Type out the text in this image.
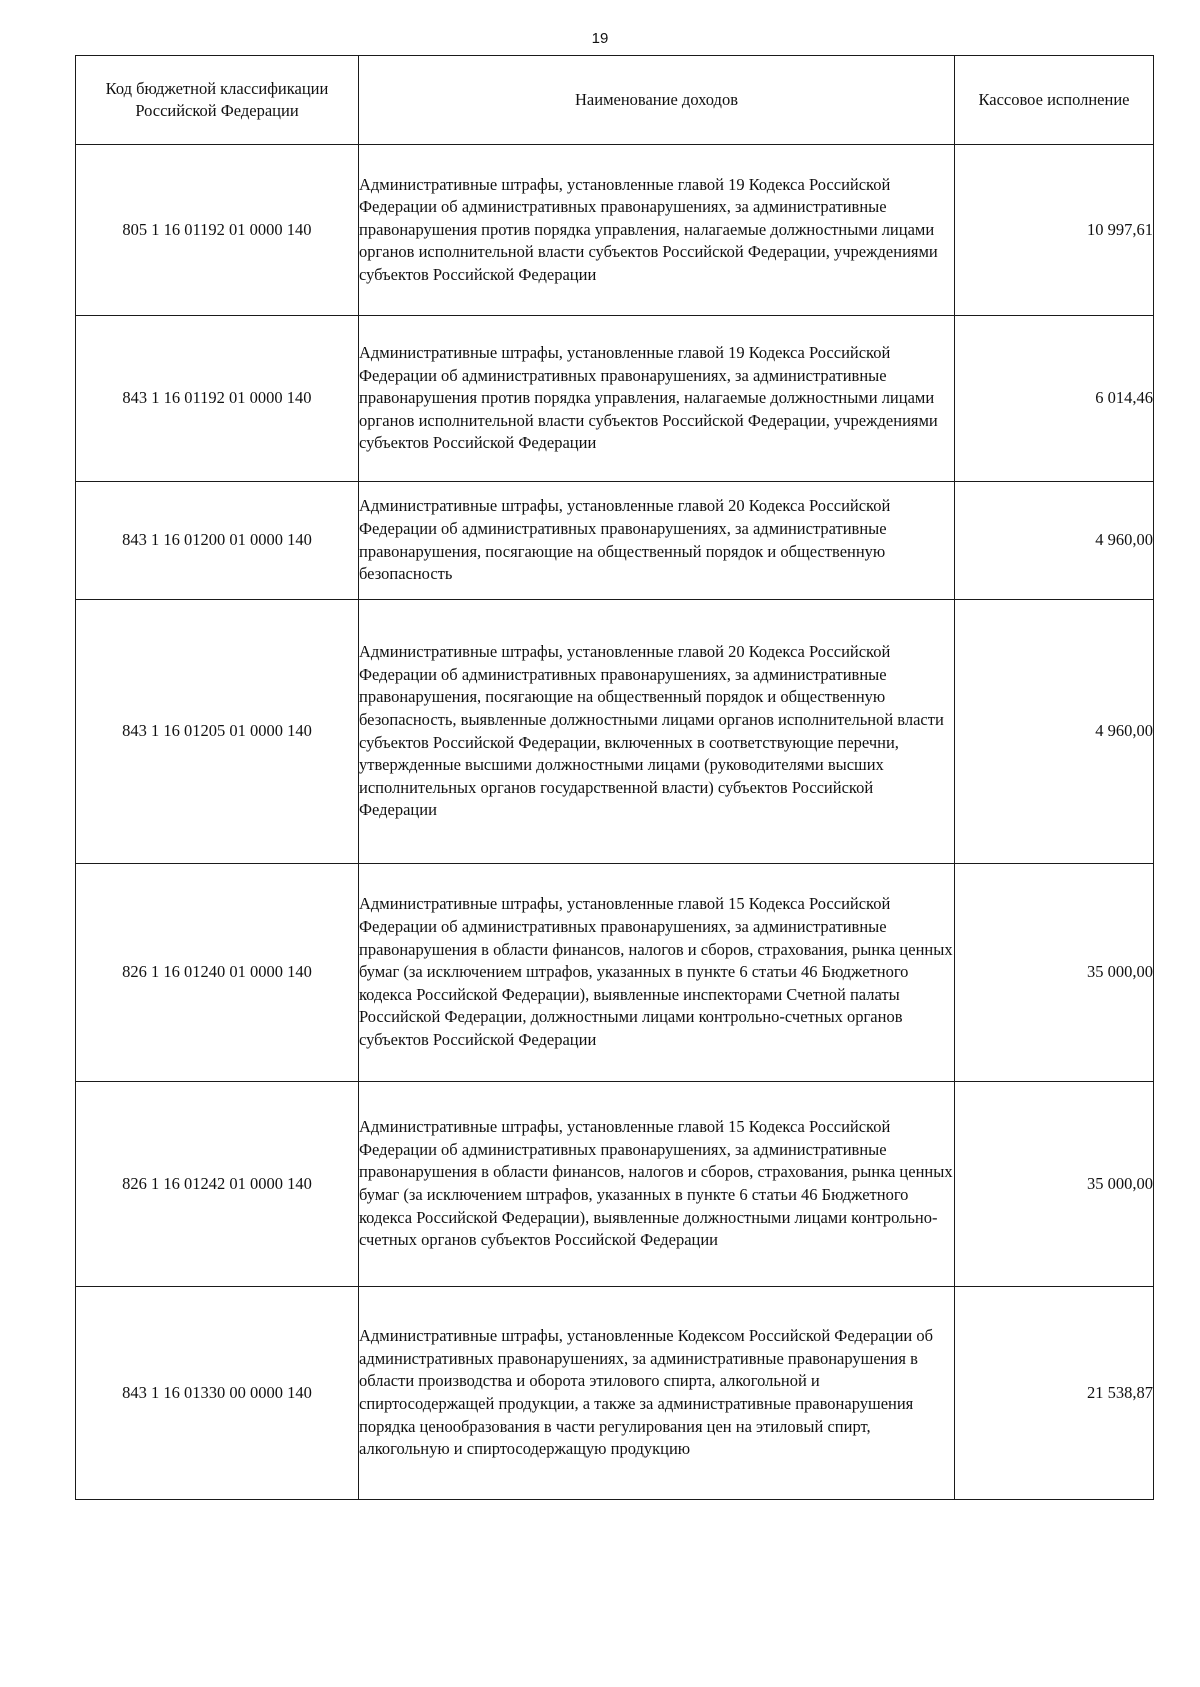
19
Код бюджетной классификации Российской Федерации	Наименование доходов	Кассовое исполнение
805 1 16 01192 01 0000 140	Административные штрафы, установленные главой 19 Кодекса Российской Федерации об административных правонарушениях, за административные правонарушения против порядка управления, налагаемые должностными лицами органов исполнительной власти субъектов Российской Федерации, учреждениями субъектов Российской Федерации	10 997,61
843 1 16 01192 01 0000 140	Административные штрафы, установленные главой 19 Кодекса Российской Федерации об административных правонарушениях, за административные правонарушения против порядка управления, налагаемые должностными лицами органов исполнительной власти субъектов Российской Федерации, учреждениями субъектов Российской Федерации	6 014,46
843 1 16 01200 01 0000 140	Административные штрафы, установленные главой 20 Кодекса Российской Федерации об административных правонарушениях, за административные правонарушения, посягающие на общественный порядок и общественную безопасность	4 960,00
843 1 16 01205 01 0000 140	Административные штрафы, установленные главой 20 Кодекса Российской Федерации об административных правонарушениях, за административные правонарушения, посягающие на общественный порядок и общественную безопасность, выявленные должностными лицами органов исполнительной власти субъектов Российской Федерации, включенных в соответствующие перечни, утвержденные высшими должностными лицами (руководителями высших исполнительных органов государственной власти) субъектов Российской Федерации	4 960,00
826 1 16 01240 01 0000 140	Административные штрафы, установленные главой 15 Кодекса Российской Федерации об административных правонарушениях, за административные правонарушения в области финансов, налогов и сборов, страхования, рынка ценных бумаг (за исключением штрафов, указанных в пункте 6 статьи 46 Бюджетного кодекса Российской Федерации), выявленные инспекторами Счетной палаты Российской Федерации, должностными лицами контрольно-счетных органов субъектов Российской Федерации	35 000,00
826 1 16 01242 01 0000 140	Административные штрафы, установленные главой 15 Кодекса Российской Федерации об административных правонарушениях, за административные правонарушения в области финансов, налогов и сборов, страхования, рынка ценных бумаг (за исключением штрафов, указанных в пункте 6 статьи 46 Бюджетного кодекса Российской Федерации), выявленные должностными лицами контрольно-счетных органов субъектов Российской Федерации	35 000,00
843 1 16 01330 00 0000 140	Административные штрафы, установленные Кодексом Российской Федерации об административных правонарушениях, за административные правонарушения в области производства и оборота этилового спирта, алкогольной и спиртосодержащей продукции, а также за административные правонарушения порядка ценообразования в части регулирования цен на этиловый спирт, алкогольную и спиртосодержащую продукцию	21 538,87
